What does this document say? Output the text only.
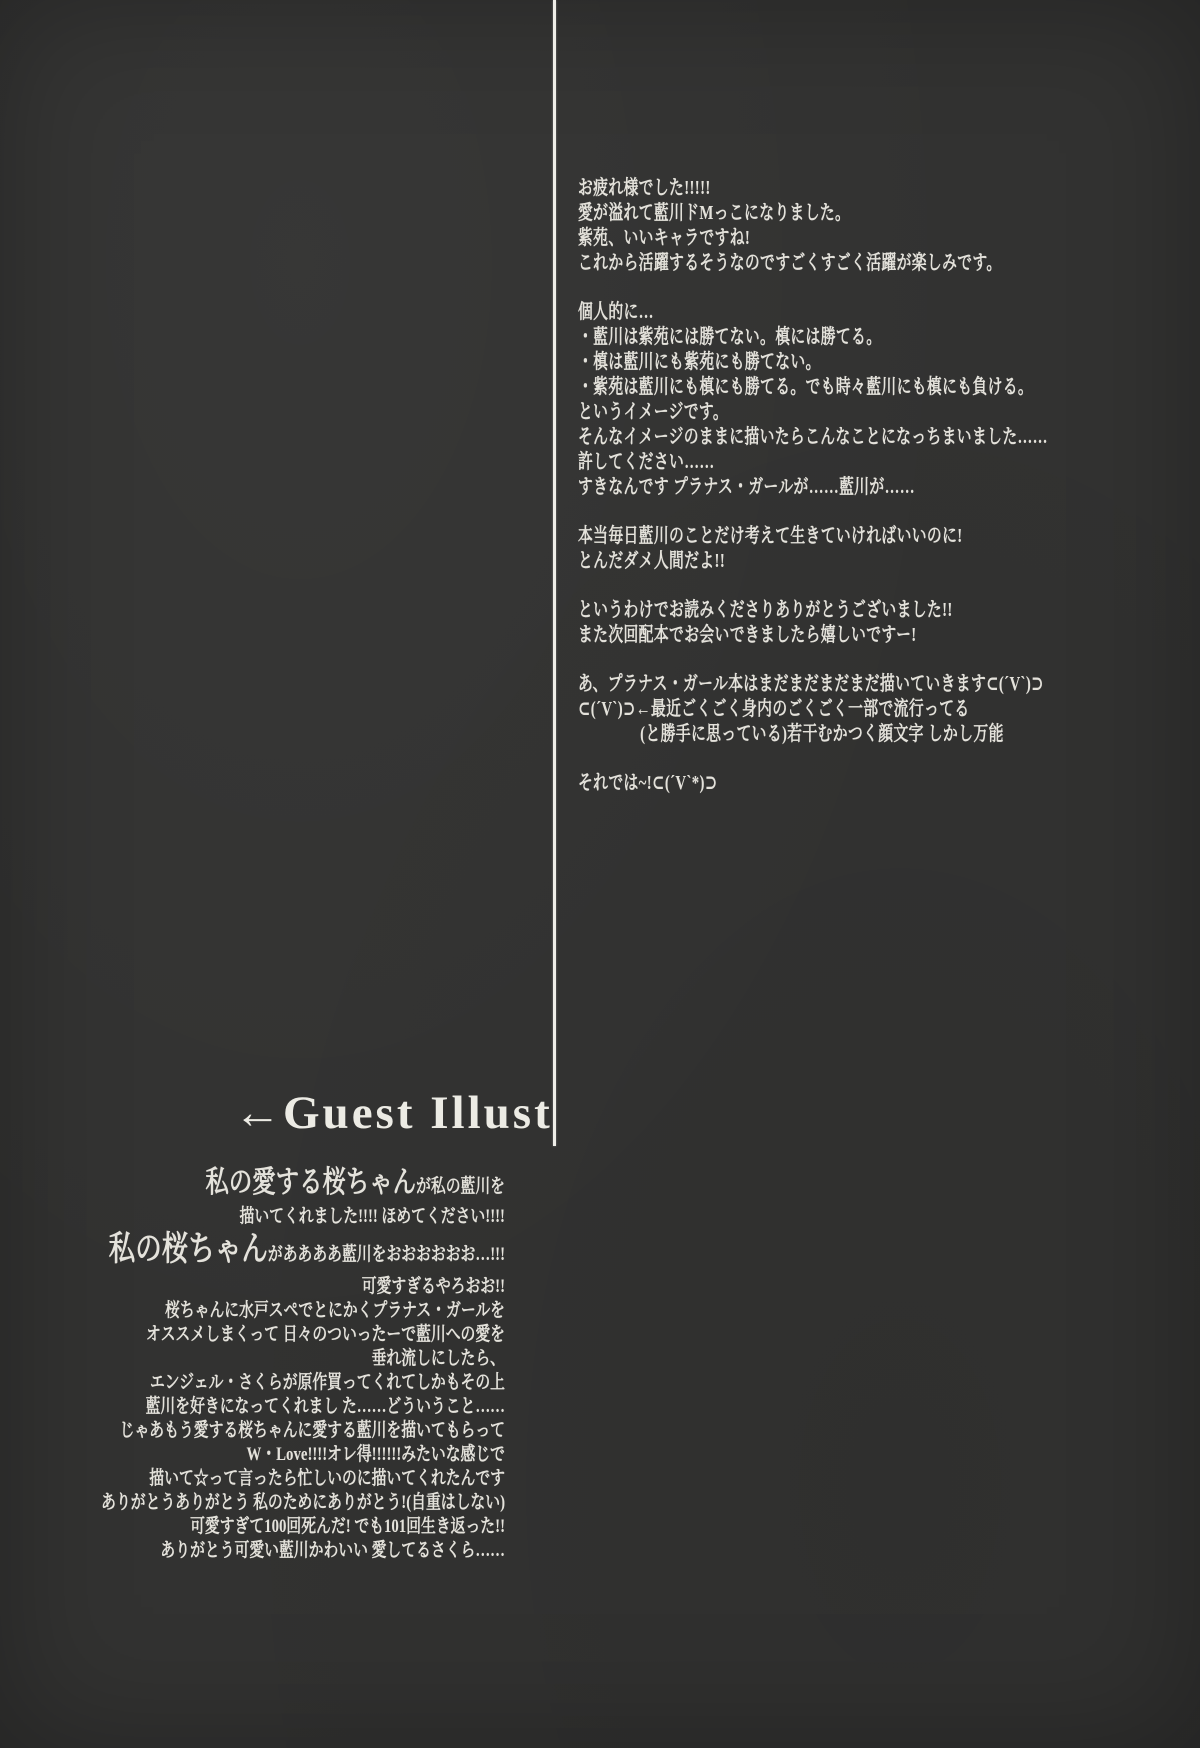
お疲れ様でした!!!!!
愛が溢れて藍川ドMっこになりました。
紫苑、いいキャラですね!
これから活躍するそうなのですごくすごく活躍が楽しみです。
個人的に…
・藍川は紫苑には勝てない。槙には勝てる。
・槙は藍川にも紫苑にも勝てない。
・紫苑は藍川にも槙にも勝てる。でも時々藍川にも槙にも負ける。
というイメージです。
そんなイメージのままに描いたらこんなことになっちまいました……
許してください……
すきなんです プラナス・ガールが……藍川が……
本当毎日藍川のことだけ考えて生きていければいいのに!
とんだダメ人間だよ!!
というわけでお読みくださりありがとうございました!!
また次回配本でお会いできましたら嬉しいですー!
あ、プラナス・ガール本はまだまだまだまだ描いていきます⊂(´V`)⊃
⊂(´V`)⊃←最近ごくごく身内のごくごく一部で流行ってる
(と勝手に思っている)若干むかつく顔文字 しかし万能
それでは~!⊂(´V`*)⊃
←Guest Illust
私の愛する桜ちゃんが私の藍川を
描いてくれました!!!! ほめてください!!!!
私の桜ちゃんがああああ藍川をおおおおおお…!!!
可愛すぎるやろおお!!
桜ちゃんに水戸スペでとにかくプラナス・ガールを
オススメしまくって 日々のついったーで藍川への愛を
垂れ流しにしたら、
エンジェル・さくらが原作買ってくれてしかもその上
藍川を好きになってくれまし た……どういうこと……
じゃあもう愛する桜ちゃんに愛する藍川を描いてもらって
W・Love!!!!オレ得!!!!!!みたいな感じで
描いて☆って言ったら忙しいのに描いてくれたんです
ありがとうありがとう 私のためにありがとう!(自重はしない)
可愛すぎて100回死んだ! でも101回生き返った!!
ありがとう可愛い藍川かわいい 愛してるさくら……
